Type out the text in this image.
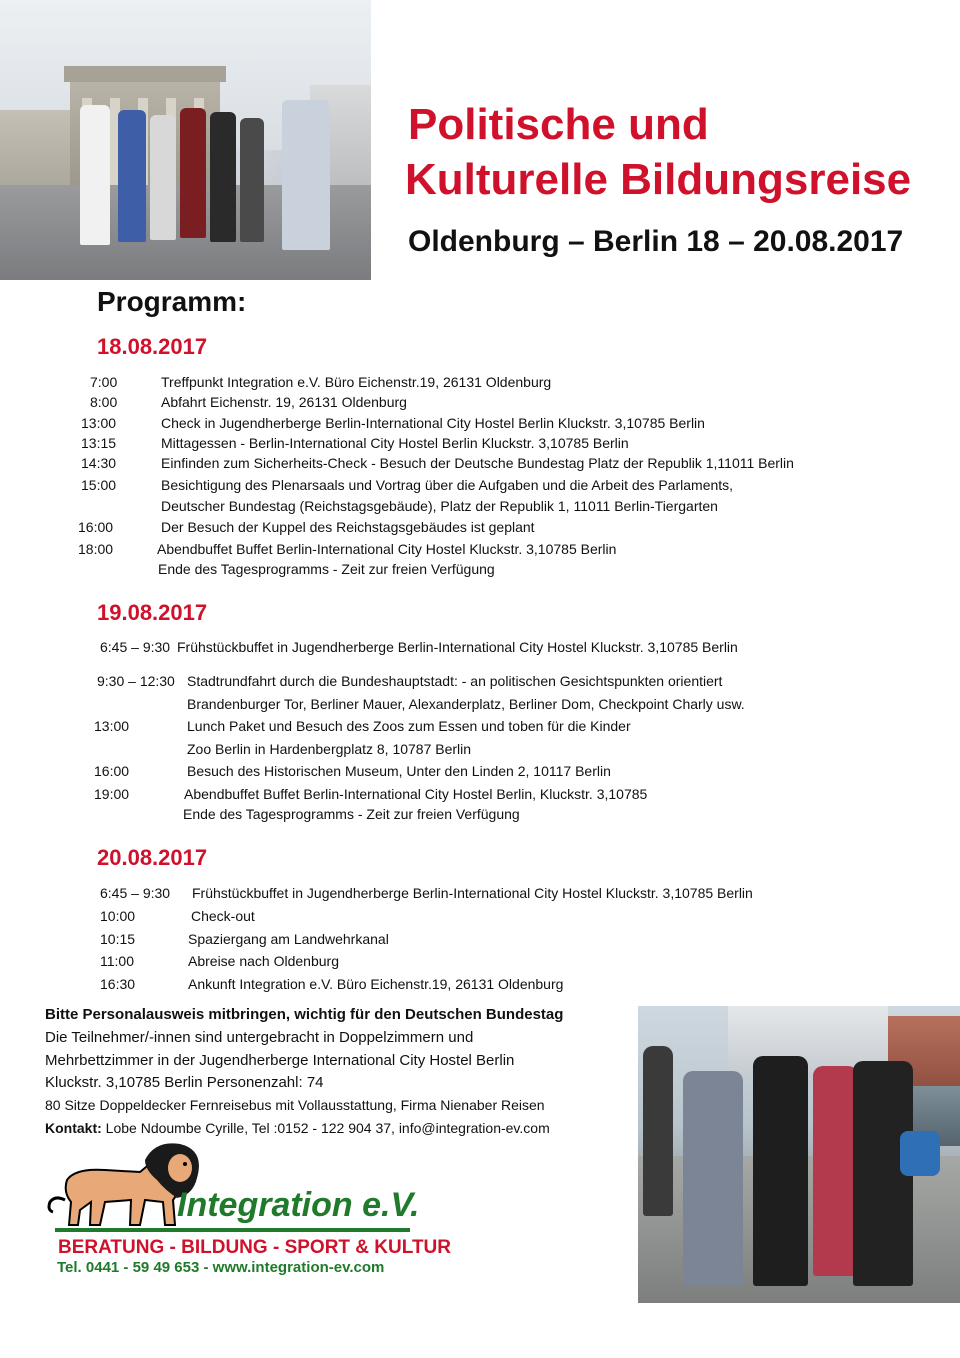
Politische und
Kulturelle Bildungsreise
Oldenburg – Berlin 18 – 20.08.2017
Programm:
18.08.2017
7:00	Treffpunkt Integration e.V. Büro Eichenstr.19, 26131 Oldenburg
8:00	Abfahrt Eichenstr. 19, 26131 Oldenburg
13:00	Check in Jugendherberge Berlin-International City Hostel Berlin Kluckstr. 3,10785 Berlin
13:15	Mittagessen - Berlin-International City Hostel Berlin Kluckstr. 3,10785 Berlin
14:30	Einfinden zum Sicherheits-Check - Besuch der Deutsche Bundestag Platz der Republik 1,11011 Berlin
15:00	Besichtigung des Plenarsaals und Vortrag über die Aufgaben und die Arbeit des Parlaments,
Deutscher Bundestag (Reichstagsgebäude), Platz der Republik 1, 11011 Berlin-Tiergarten
16:00	Der Besuch der Kuppel des Reichstagsgebäudes ist geplant
18:00	Abendbuffet Buffet Berlin-International City Hostel Kluckstr. 3,10785 Berlin
Ende des Tagesprogramms - Zeit zur freien Verfügung
19.08.2017
6:45 – 9:30 Frühstückbuffet in Jugendherberge Berlin-International City Hostel Kluckstr. 3,10785 Berlin
9:30 – 12:30 Stadtrundfahrt durch die Bundeshauptstadt: - an politischen Gesichtspunkten orientiert
Brandenburger Tor, Berliner Mauer, Alexanderplatz, Berliner Dom, Checkpoint Charly usw.
13:00	Lunch Paket und Besuch des Zoos zum Essen und toben für die Kinder
Zoo Berlin in Hardenbergplatz 8, 10787 Berlin
16:00	Besuch des Historischen Museum, Unter den Linden 2, 10117 Berlin
19:00	Abendbuffet Buffet Berlin-International City Hostel Berlin, Kluckstr. 3,10785
Ende des Tagesprogramms - Zeit zur freien Verfügung
20.08.2017
6:45 – 9:30 Frühstückbuffet in Jugendherberge Berlin-International City Hostel Kluckstr. 3,10785 Berlin
10:00	Check-out
10:15	Spaziergang am Landwehrkanal
11:00	Abreise nach Oldenburg
16:30	Ankunft Integration e.V. Büro Eichenstr.19, 26131 Oldenburg
Bitte Personalausweis mitbringen, wichtig für den Deutschen Bundestag
Die Teilnehmer/-innen sind untergebracht in Doppelzimmern und
Mehrbettzimmer in der Jugendherberge International City Hostel Berlin
Kluckstr. 3,10785 Berlin Personenzahl: 74
80 Sitze Doppeldecker Fernreisebus mit Vollausstattung, Firma Nienaber Reisen
Kontakt: Lobe Ndoumbe Cyrille, Tel :0152 - 122 904 37, info@integration-ev.com
Integration e.V.
BERATUNG - BILDUNG - SPORT & KULTUR
Tel. 0441 - 59 49 653 - www.integration-ev.com
